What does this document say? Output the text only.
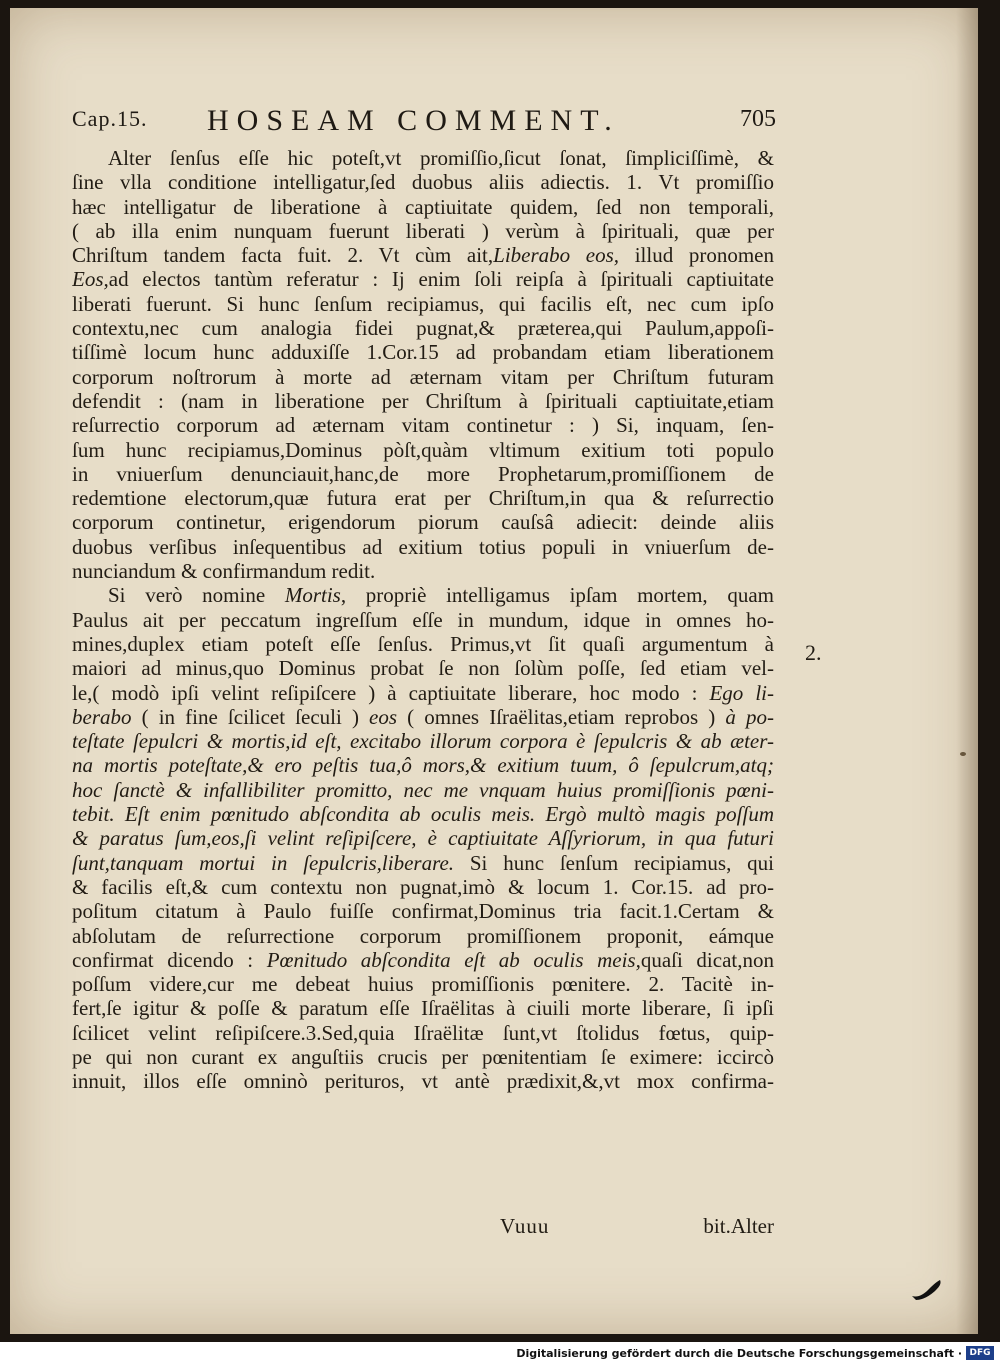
Cap.15. HOSEAM COMMENT.	705
Alter ſenſus eſſe hic poteſt,vt promiſſio,ſicut ſonat, ſimpliciſſimè, &
ſine vlla conditione intelligatur,ſed duobus aliis adiectis. 1. Vt promiſſio
hæc intelligatur de liberatione à captiuitate quidem, ſed non temporali,
( ab illa enim nunquam fuerunt liberati ) verùm à ſpirituali, quæ per
Chriſtum tandem facta fuit. 2. Vt cùm ait,Liberabo eos, illud pronomen
Eos,ad electos tantùm referatur : Ij enim ſoli reipſa à ſpirituali captiuitate
liberati fuerunt. Si hunc ſenſum recipiamus, qui facilis eſt, nec cum ipſo
contextu,nec cum analogia fidei pugnat,& præterea,qui Paulum,appoſi-
tiſſimè locum hunc adduxiſſe 1.Cor.15 ad probandam etiam liberationem
corporum noſtrorum à morte ad æternam vitam per Chriſtum futuram
defendit : (nam in liberatione per Chriſtum à ſpirituali captiuitate,etiam
reſurrectio corporum ad æternam vitam continetur : ) Si, inquam, ſen-
ſum hunc recipiamus,Dominus pòſt,quàm vltimum exitium toti populo
in vniuerſum denunciauit,hanc,de more Prophetarum,promiſſionem de
redemtione electorum,quæ futura erat per Chriſtum,in qua & reſurrectio
corporum continetur, erigendorum piorum cauſsâ adiecit: deinde aliis
duobus verſibus inſequentibus ad exitium totius populi in vniuerſum de-
nunciandum & confirmandum redit.
Si verò nomine Mortis, propriè intelligamus ipſam mortem, quam
Paulus ait per peccatum ingreſſum eſſe in mundum, idque in omnes ho-
mines,duplex etiam poteſt eſſe ſenſus. Primus,vt ſit quaſi argumentum à
maiori ad minus,quo Dominus probat ſe non ſolùm poſſe, ſed etiam vel-
le,( modò ipſi velint reſipiſcere ) à captiuitate liberare, hoc modo : Ego li-
berabo ( in fine ſcilicet ſeculi ) eos ( omnes Iſraëlitas,etiam reprobos ) à po-
teſtate ſepulcri & mortis,id eſt, excitabo illorum corpora è ſepulcris & ab æter-
na mortis poteſtate,& ero peſtis tua,ô mors,& exitium tuum, ô ſepulcrum,atq;
hoc ſanctè & infallibiliter promitto, nec me vnquam huius promiſſionis pœni-
tebit. Eſt enim pœnitudo abſcondita ab oculis meis. Ergò multò magis poſſum
& paratus ſum,eos,ſi velint reſipiſcere, è captiuitate Aſſyriorum, in qua futuri
ſunt,tanquam mortui in ſepulcris,liberare. Si hunc ſenſum recipiamus, qui
& facilis eſt,& cum contextu non pugnat,imò & locum 1. Cor.15. ad pro-
poſitum citatum à Paulo fuiſſe confirmat,Dominus tria facit.1.Certam &
abſolutam de reſurrectione corporum promiſſionem proponit, eámque
confirmat dicendo : Pœnitudo abſcondita eſt ab oculis meis,quaſi dicat,non
poſſum videre,cur me debeat huius promiſſionis pœnitere. 2. Tacitè in-
fert,ſe igitur & poſſe & paratum eſſe Iſraëlitas à ciuili morte liberare, ſi ipſi
ſcilicet velint reſipiſcere.3.Sed,quia Iſraëlitæ ſunt,vt ſtolidus fœtus, quip-
pe qui non curant ex anguſtiis crucis per pœnitentiam ſe eximere: iccircò
innuit, illos eſſe omninò perituros, vt antè prædixit,&,vt mox confirma-
2.
Vuuu	bit.Alter
Digitalisierung gefördert durch die Deutsche Forschungsgemeinschaft · DFG
